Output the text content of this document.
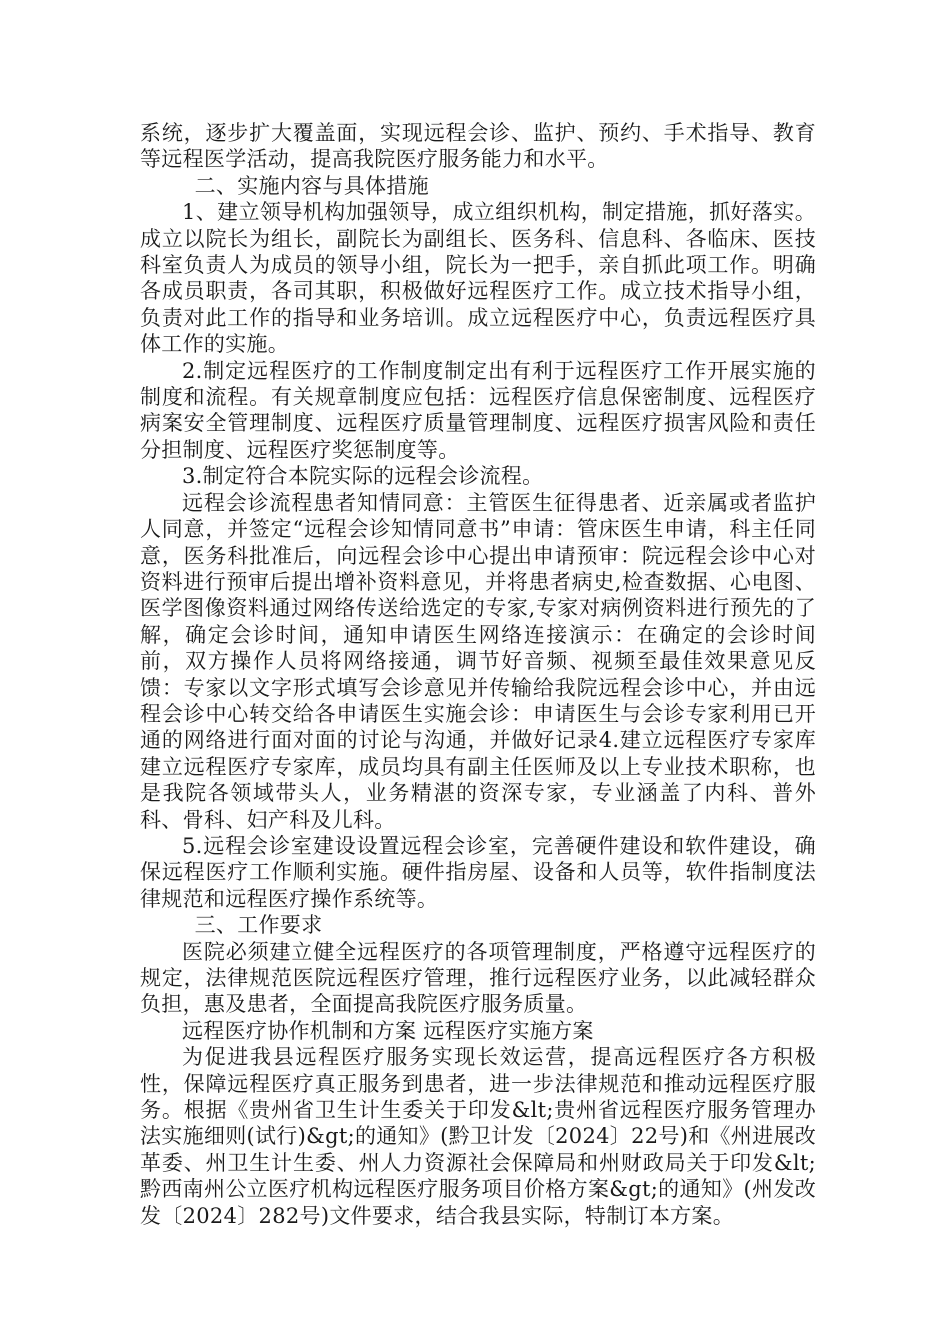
系统，逐步扩大覆盖面，实现远程会诊、监护、预约、手术指导、教育等远程医学活动，提高我院医疗服务能力和水平。

二、实施内容与具体措施

1、建立领导机构加强领导，成立组织机构，制定措施，抓好落实。成立以院长为组长，副院长为副组长、医务科、信息科、各临床、医技科室负责人为成员的领导小组，院长为一把手，亲自抓此项工作。明确各成员职责，各司其职，积极做好远程医疗工作。成立技术指导小组，负责对此工作的指导和业务培训。成立远程医疗中心，负责远程医疗具体工作的实施。

2.制定远程医疗的工作制度制定出有利于远程医疗工作开展实施的制度和流程。有关规章制度应包括：远程医疗信息保密制度、远程医疗病案安全管理制度、远程医疗质量管理制度、远程医疗损害风险和责任分担制度、远程医疗奖惩制度等。

3.制定符合本院实际的远程会诊流程。

远程会诊流程患者知情同意：主管医生征得患者、近亲属或者监护人同意，并签定“远程会诊知情同意书”申请：管床医生申请，科主任同意，医务科批准后，向远程会诊中心提出申请预审：院远程会诊中心对资料进行预审后提出增补资料意见，并将患者病史,检查数据、心电图、医学图像资料通过网络传送给选定的专家,专家对病例资料进行预先的了解，确定会诊时间，通知申请医生网络连接演示：在确定的会诊时间前，双方操作人员将网络接通，调节好音频、视频至最佳效果意见反馈：专家以文字形式填写会诊意见并传输给我院远程会诊中心，并由远程会诊中心转交给各申请医生实施会诊：申请医生与会诊专家利用已开通的网络进行面对面的讨论与沟通，并做好记录4.建立远程医疗专家库建立远程医疗专家库，成员均具有副主任医师及以上专业技术职称，也是我院各领域带头人，业务精湛的资深专家，专业涵盖了内科、普外科、骨科、妇产科及儿科。

5.远程会诊室建设设置远程会诊室，完善硬件建设和软件建设，确保远程医疗工作顺利实施。硬件指房屋、设备和人员等，软件指制度法律规范和远程医疗操作系统等。

三、工作要求

医院必须建立健全远程医疗的各项管理制度，严格遵守远程医疗的规定，法律规范医院远程医疗管理，推行远程医疗业务，以此减轻群众负担，惠及患者，全面提高我院医疗服务质量。

远程医疗协作机制和方案 远程医疗实施方案

为促进我县远程医疗服务实现长效运营，提高远程医疗各方积极性，保障远程医疗真正服务到患者，进一步法律规范和推动远程医疗服务。根据《贵州省卫生计生委关于印发&lt;贵州省远程医疗服务管理办法实施细则(试行)&gt;的通知》(黔卫计发〔2024〕22号)和《州进展改革委、州卫生计生委、州人力资源社会保障局和州财政局关于印发&lt;黔西南州公立医疗机构远程医疗服务项目价格方案&gt;的通知》(州发改发〔2024〕282号)文件要求，结合我县实际，特制订本方案。
